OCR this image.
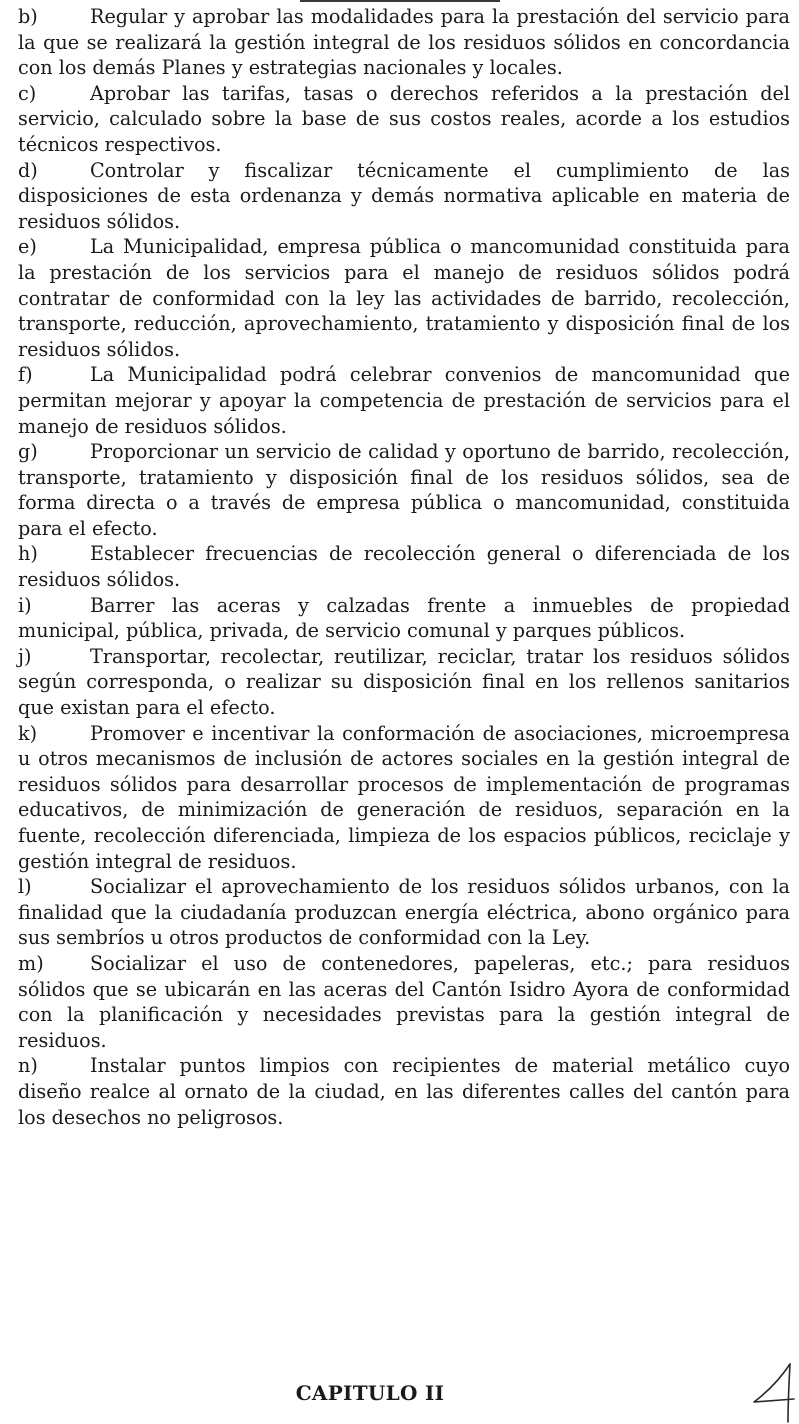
b)	Regular y aprobar las modalidades para la prestación del servicio para la que se realizará la gestión integral de los residuos sólidos en concordancia con los demás Planes y estrategias nacionales y locales.

c)	Aprobar las tarifas, tasas o derechos referidos a la prestación del servicio, calculado sobre la base de sus costos reales, acorde a los estudios técnicos respectivos.

d)	Controlar y fiscalizar técnicamente el cumplimiento de las disposiciones de esta ordenanza y demás normativa aplicable en materia de residuos sólidos.

e)	La Municipalidad, empresa pública o mancomunidad constituida para la prestación de los servicios para el manejo de residuos sólidos podrá contratar de conformidad con la ley las actividades de barrido, recolección, transporte, reducción, aprovechamiento, tratamiento y disposición final de los residuos sólidos.

f)	La Municipalidad podrá celebrar convenios de mancomunidad que permitan mejorar y apoyar la competencia de prestación de servicios para el manejo de residuos sólidos.

g)	Proporcionar un servicio de calidad y oportuno de barrido, recolección, transporte, tratamiento y disposición final de los residuos sólidos, sea de forma directa o a través de empresa pública o mancomunidad, constituida para el efecto.

h)	Establecer frecuencias de recolección general o diferenciada de los residuos sólidos.

i)	Barrer las aceras y calzadas frente a inmuebles de propiedad municipal, pública, privada, de servicio comunal y parques públicos.

j)	Transportar, recolectar, reutilizar, reciclar, tratar los residuos sólidos según corresponda, o realizar su disposición final en los rellenos sanitarios que existan para el efecto.

k)	Promover e incentivar la conformación de asociaciones, microempresa u otros mecanismos de inclusión de actores sociales en la gestión integral de residuos sólidos para desarrollar procesos de implementación de programas educativos, de minimización de generación de residuos, separación en la fuente, recolección diferenciada, limpieza de los espacios públicos, reciclaje y gestión integral de residuos.

l)	Socializar el aprovechamiento de los residuos sólidos urbanos, con la finalidad que la ciudadanía produzcan energía eléctrica, abono orgánico para sus sembríos u otros productos de conformidad con la Ley.

m) Socializar el uso de contenedores, papeleras, etc.; para residuos sólidos que se ubicarán en las aceras del Cantón Isidro Ayora de conformidad con la planificación y necesidades previstas para la gestión integral de residuos.

n)	Instalar puntos limpios con recipientes de material metálico cuyo diseño realce al ornato de la ciudad, en las diferentes calles del cantón para los desechos no peligrosos.

CAPITULO II
